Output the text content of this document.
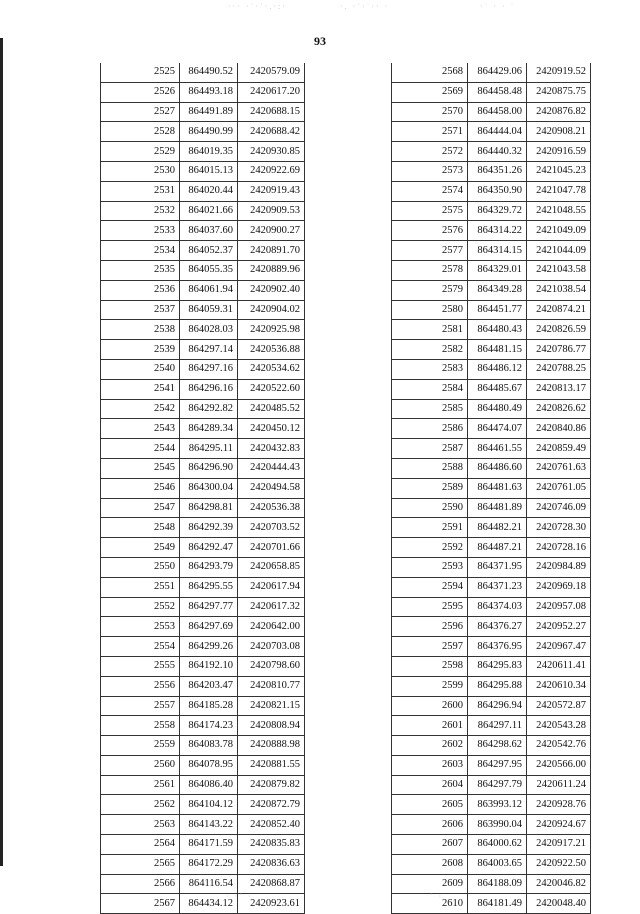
··· ·˙·˙·.·:·	·. ·˙·˙·· ·	·˙ · · ˙
93
2525	864490.52	2420579.09
2526	864493.18	2420617.20
2527	864491.89	2420688.15
2528	864490.99	2420688.42
2529	864019.35	2420930.85
2530	864015.13	2420922.69
2531	864020.44	2420919.43
2532	864021.66	2420909.53
2533	864037.60	2420900.27
2534	864052.37	2420891.70
2535	864055.35	2420889.96
2536	864061.94	2420902.40
2537	864059.31	2420904.02
2538	864028.03	2420925.98
2539	864297.14	2420536.88
2540	864297.16	2420534.62
2541	864296.16	2420522.60
2542	864292.82	2420485.52
2543	864289.34	2420450.12
2544	864295.11	2420432.83
2545	864296.90	2420444.43
2546	864300.04	2420494.58
2547	864298.81	2420536.38
2548	864292.39	2420703.52
2549	864292.47	2420701.66
2550	864293.79	2420658.85
2551	864295.55	2420617.94
2552	864297.77	2420617.32
2553	864297.69	2420642.00
2554	864299.26	2420703.08
2555	864192.10	2420798.60
2556	864203.47	2420810.77
2557	864185.28	2420821.15
2558	864174.23	2420808.94
2559	864083.78	2420888.98
2560	864078.95	2420881.55
2561	864086.40	2420879.82
2562	864104.12	2420872.79
2563	864143.22	2420852.40
2564	864171.59	2420835.83
2565	864172.29	2420836.63
2566	864116.54	2420868.87
2567	864434.12	2420923.61
2568	864429.06	2420919.52
2569	864458.48	2420875.75
2570	864458.00	2420876.82
2571	864444.04	2420908.21
2572	864440.32	2420916.59
2573	864351.26	2421045.23
2574	864350.90	2421047.78
2575	864329.72	2421048.55
2576	864314.22	2421049.09
2577	864314.15	2421044.09
2578	864329.01	2421043.58
2579	864349.28	2421038.54
2580	864451.77	2420874.21
2581	864480.43	2420826.59
2582	864481.15	2420786.77
2583	864486.12	2420788.25
2584	864485.67	2420813.17
2585	864480.49	2420826.62
2586	864474.07	2420840.86
2587	864461.55	2420859.49
2588	864486.60	2420761.63
2589	864481.63	2420761.05
2590	864481.89	2420746.09
2591	864482.21	2420728.30
2592	864487.21	2420728.16
2593	864371.95	2420984.89
2594	864371.23	2420969.18
2595	864374.03	2420957.08
2596	864376.27	2420952.27
2597	864376.95	2420967.47
2598	864295.83	2420611.41
2599	864295.88	2420610.34
2600	864296.94	2420572.87
2601	864297.11	2420543.28
2602	864298.62	2420542.76
2603	864297.95	2420566.00
2604	864297.79	2420611.24
2605	863993.12	2420928.76
2606	863990.04	2420924.67
2607	864000.62	2420917.21
2608	864003.65	2420922.50
2609	864188.09	2420046.82
2610	864181.49	2420048.40
· ·˙ ·	˙ ·
